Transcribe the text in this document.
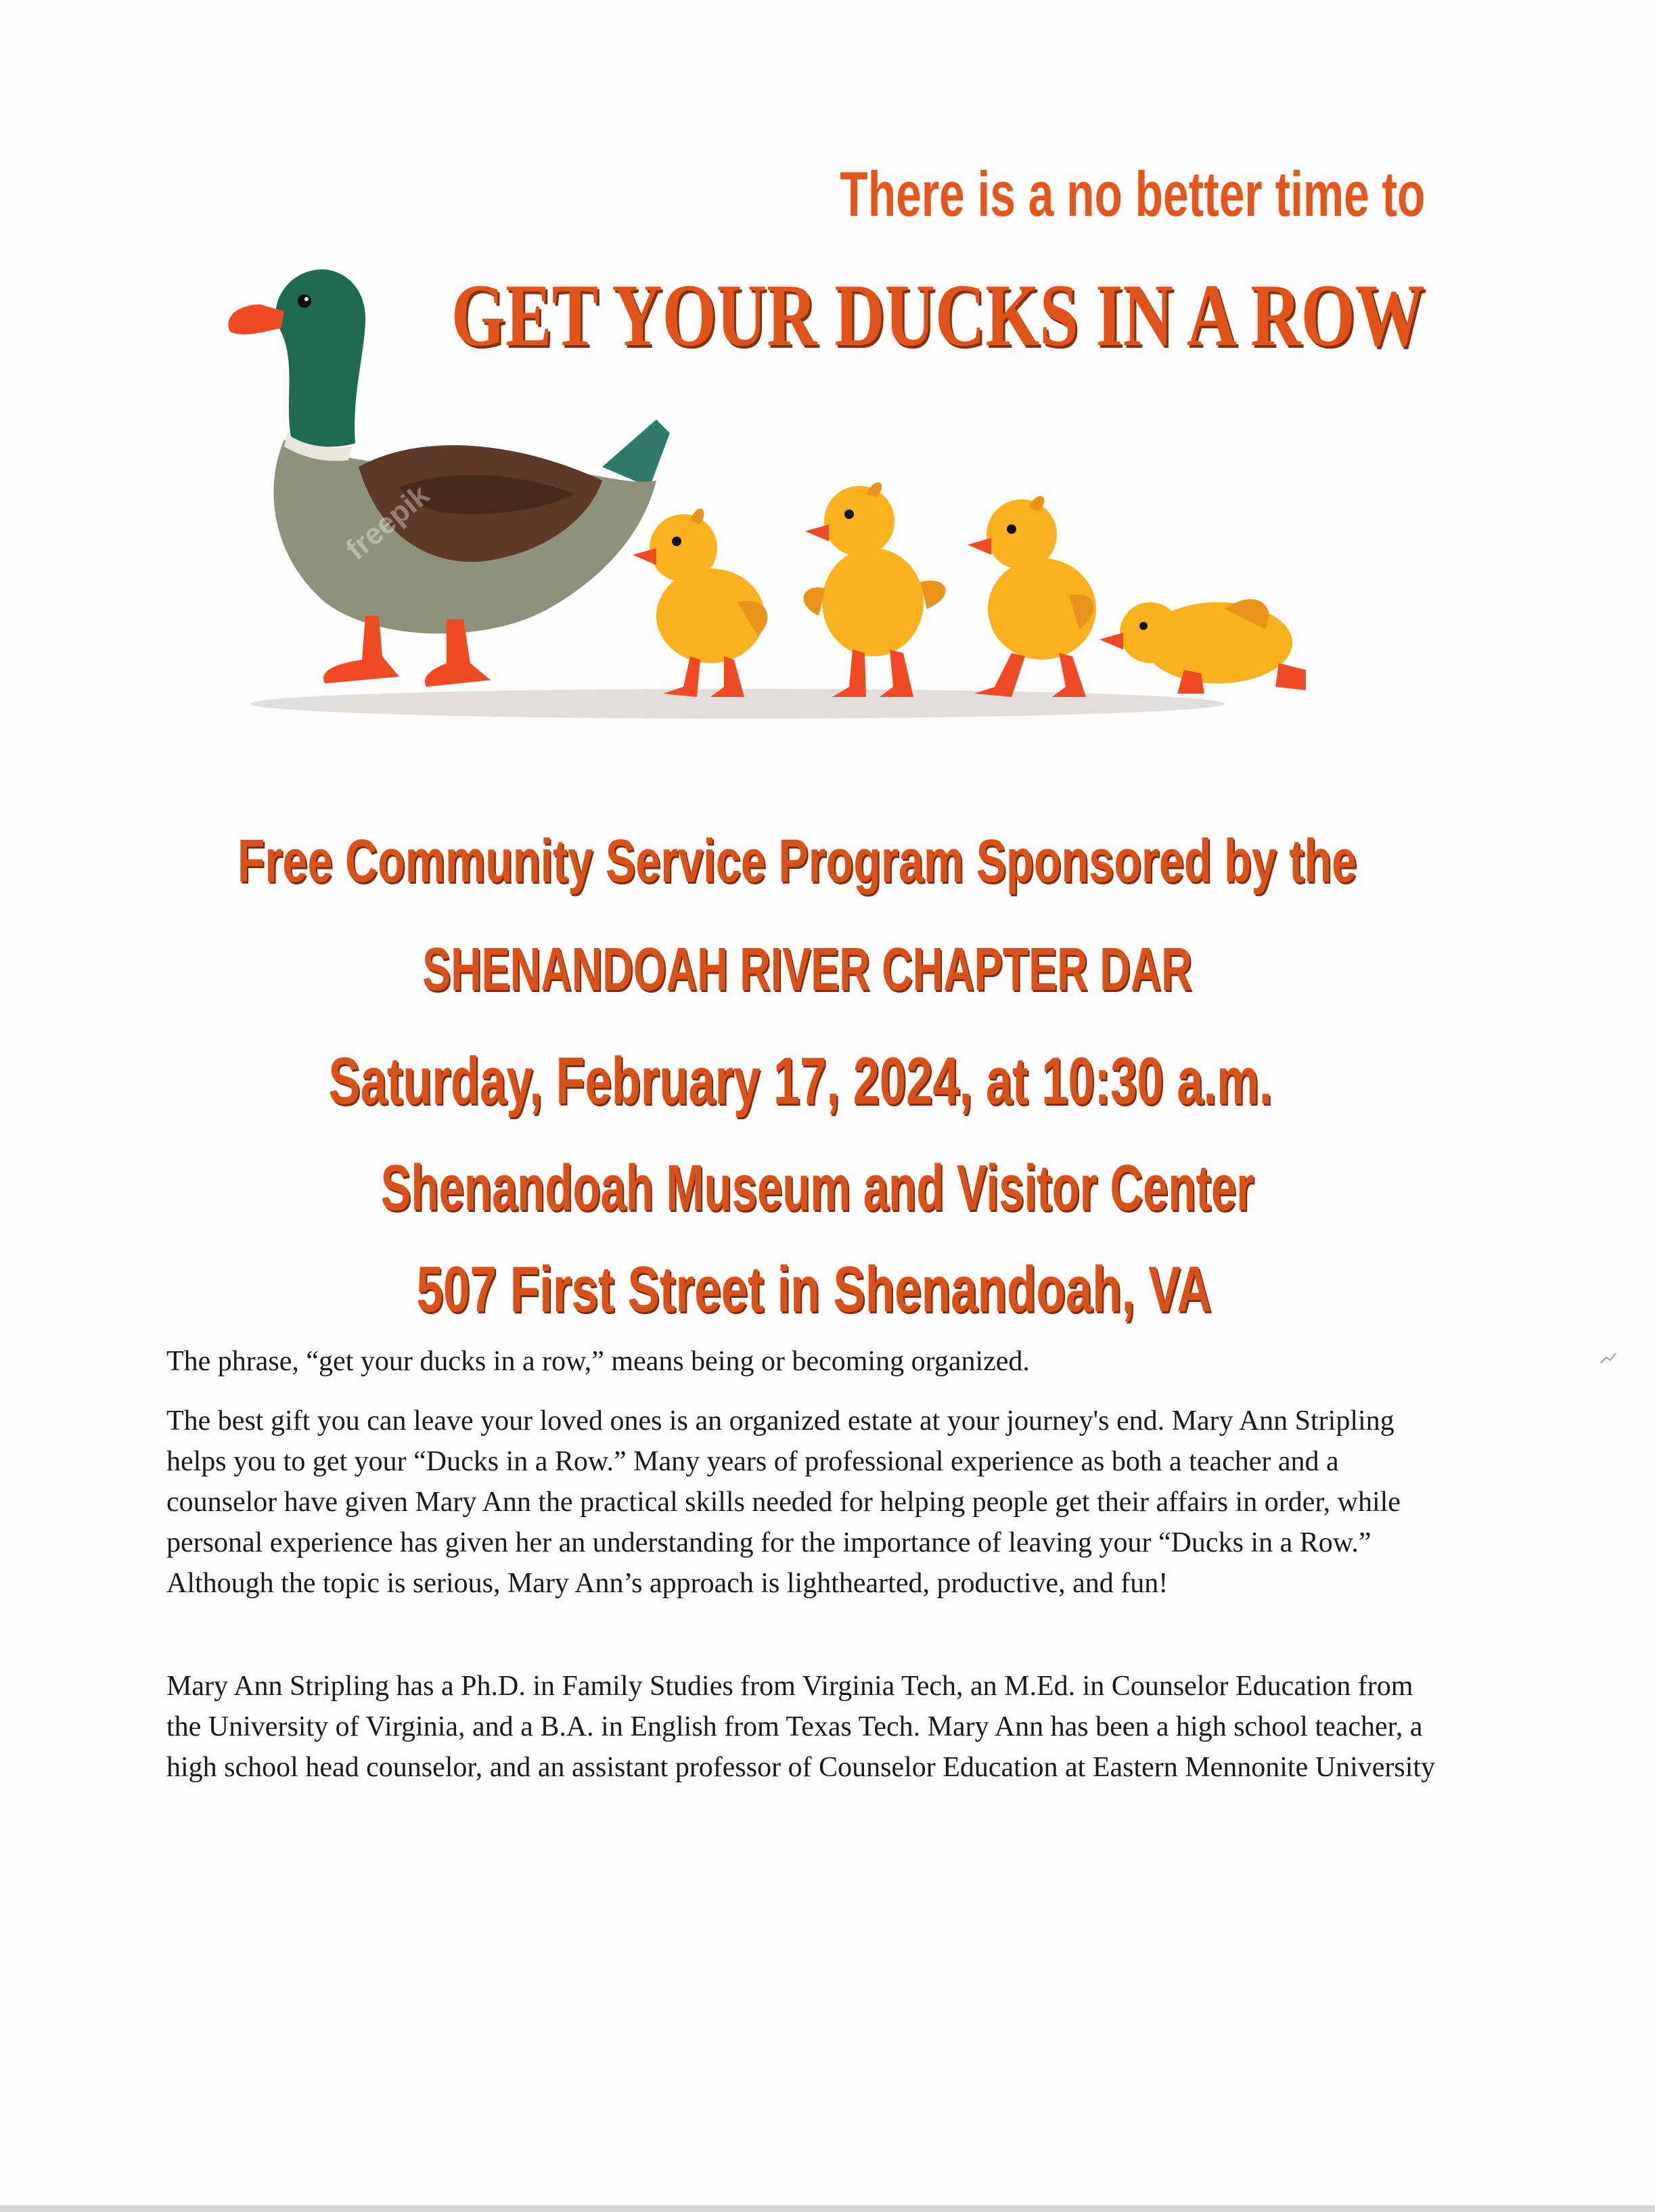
There is a no better time to
GET YOUR DUCKS IN A ROW
freepik
Free Community Service Program Sponsored by the
SHENANDOAH RIVER CHAPTER DAR
Saturday, February 17, 2024, at 10:30 a.m.
Shenandoah Museum and Visitor Center
507 First Street in Shenandoah, VA

The phrase, “get your ducks in a row,” means being or becoming organized.

The best gift you can leave your loved ones is an organized estate at your journey's end. Mary Ann Stripling helps you to get your “Ducks in a Row.” Many years of professional experience as both a teacher and a counselor have given Mary Ann the practical skills needed for helping people get their affairs in order, while personal experience has given her an understanding for the importance of leaving your “Ducks in a Row.” Although the topic is serious, Mary Ann’s approach is lighthearted, productive, and fun!

Mary Ann Stripling has a Ph.D. in Family Studies from Virginia Tech, an M.Ed. in Counselor Education from the University of Virginia, and a B.A. in English from Texas Tech. Mary Ann has been a high school teacher, a high school head counselor, and an assistant professor of Counselor Education at Eastern Mennonite University
